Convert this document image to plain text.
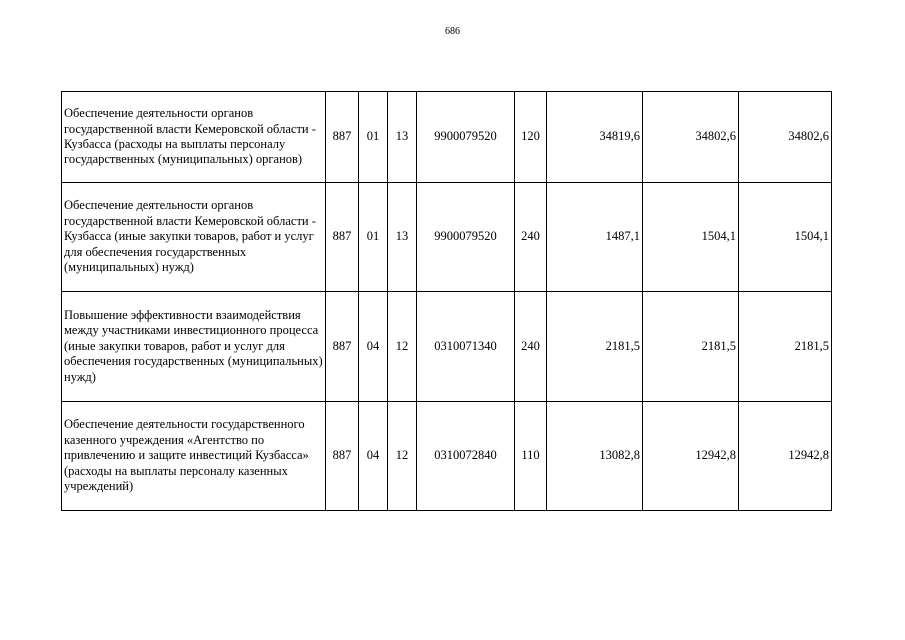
686
Обеспечение деятельности органов государственной власти Кемеровской области - Кузбасса (расходы на выплаты персоналу государственных (муниципальных) органов)	887	01	13	9900079520	120	34819,6	34802,6	34802,6
Обеспечение деятельности органов государственной власти Кемеровской области - Кузбасса (иные закупки товаров, работ и услуг для обеспечения государственных (муниципальных) нужд)	887	01	13	9900079520	240	1487,1	1504,1	1504,1
Повышение эффективности взаимодействия между участниками инвестиционного процесса (иные закупки товаров, работ и услуг для обеспечения государственных (муниципальных) нужд)	887	04	12	0310071340	240	2181,5	2181,5	2181,5
Обеспечение деятельности государственного казенного учреждения «Агентство по привлечению и защите инвестиций Кузбасса» (расходы на выплаты персоналу казенных учреждений)	887	04	12	0310072840	110	13082,8	12942,8	12942,8
